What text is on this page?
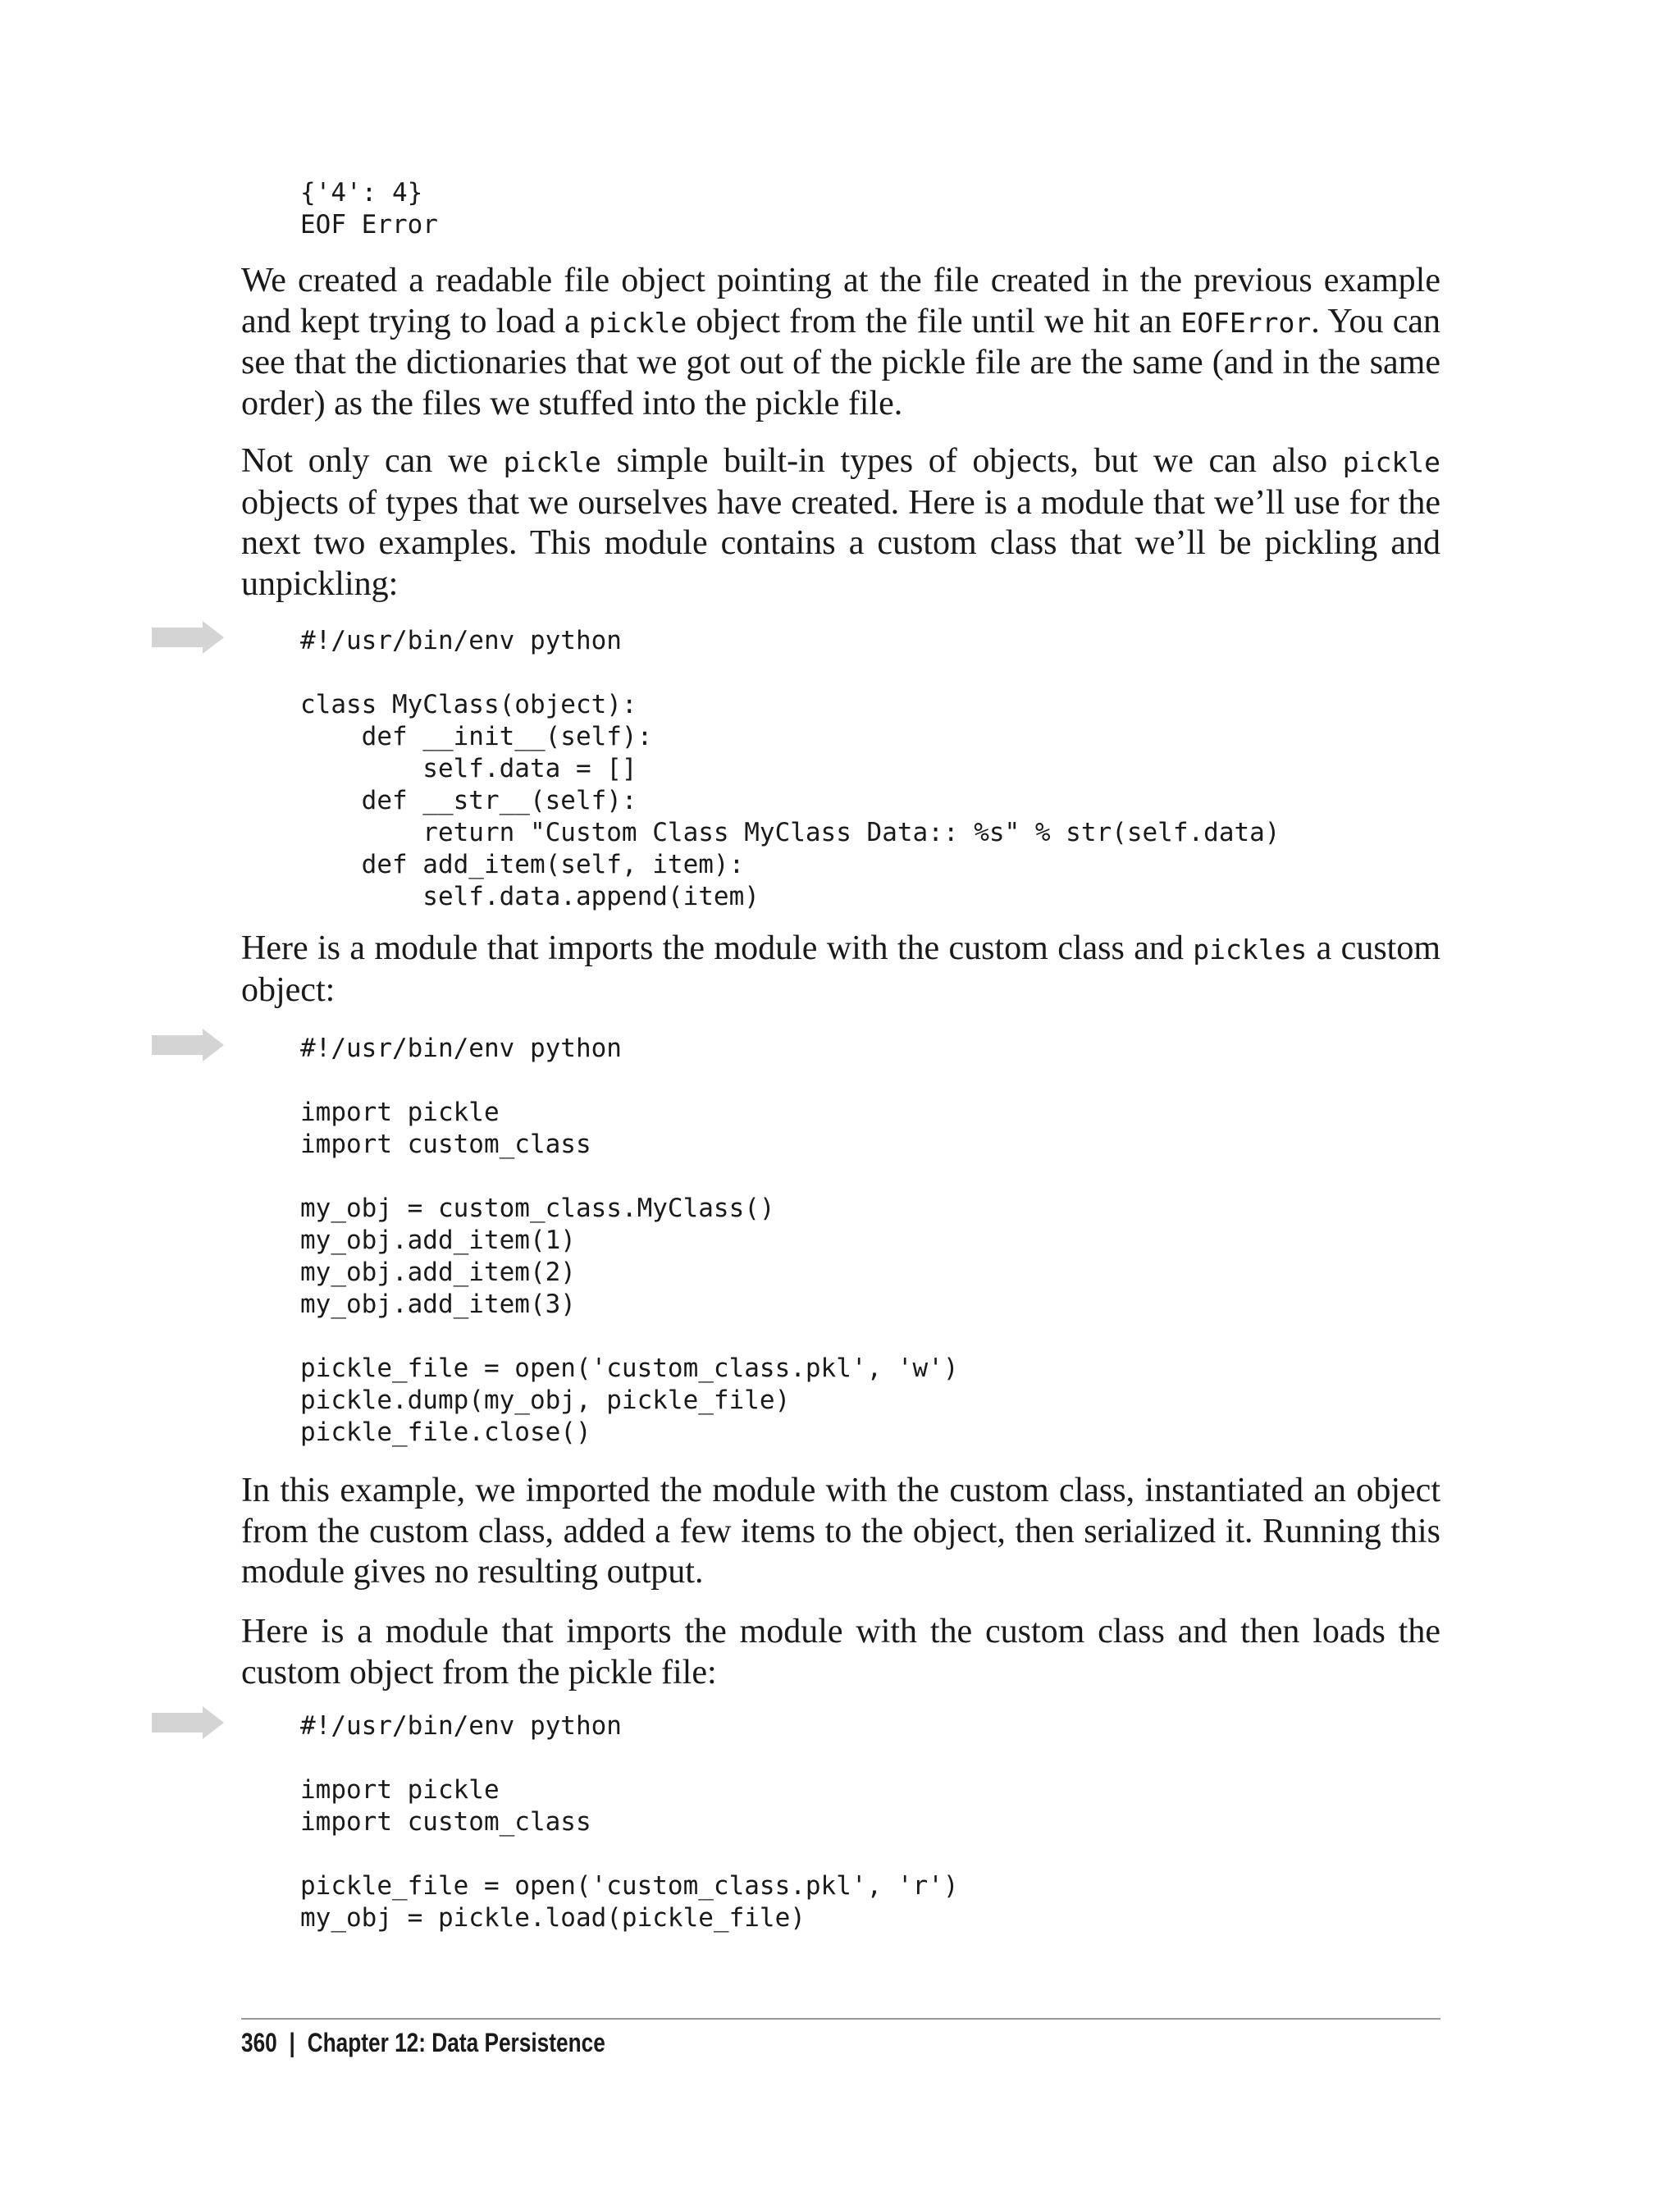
{'4': 4}
EOF Error

We created a readable file object pointing at the file created in the previous example and kept trying to load a pickle object from the file until we hit an EOFError. You can see that the dictionaries that we got out of the pickle file are the same (and in the same order) as the files we stuffed into the pickle file.

Not only can we pickle simple built-in types of objects, but we can also pickle objects of types that we ourselves have created. Here is a module that we’ll use for the next two examples. This module contains a custom class that we’ll be pickling and unpickling:

#!/usr/bin/env python

class MyClass(object):
def __init__(self):
self.data = []
def __str__(self):
return "Custom Class MyClass Data:: %s" % str(self.data)
def add_item(self, item):
self.data.append(item)

Here is a module that imports the module with the custom class and pickles a custom object:

#!/usr/bin/env python

import pickle
import custom_class

my_obj = custom_class.MyClass()
my_obj.add_item(1)
my_obj.add_item(2)
my_obj.add_item(3)

pickle_file = open('custom_class.pkl', 'w')
pickle.dump(my_obj, pickle_file)
pickle_file.close()

In this example, we imported the module with the custom class, instantiated an object from the custom class, added a few items to the object, then serialized it. Running this module gives no resulting output.

Here is a module that imports the module with the custom class and then loads the custom object from the pickle file:

#!/usr/bin/env python

import pickle
import custom_class

pickle_file = open('custom_class.pkl', 'r')
my_obj = pickle.load(pickle_file)
360 | Chapter 12: Data Persistence
